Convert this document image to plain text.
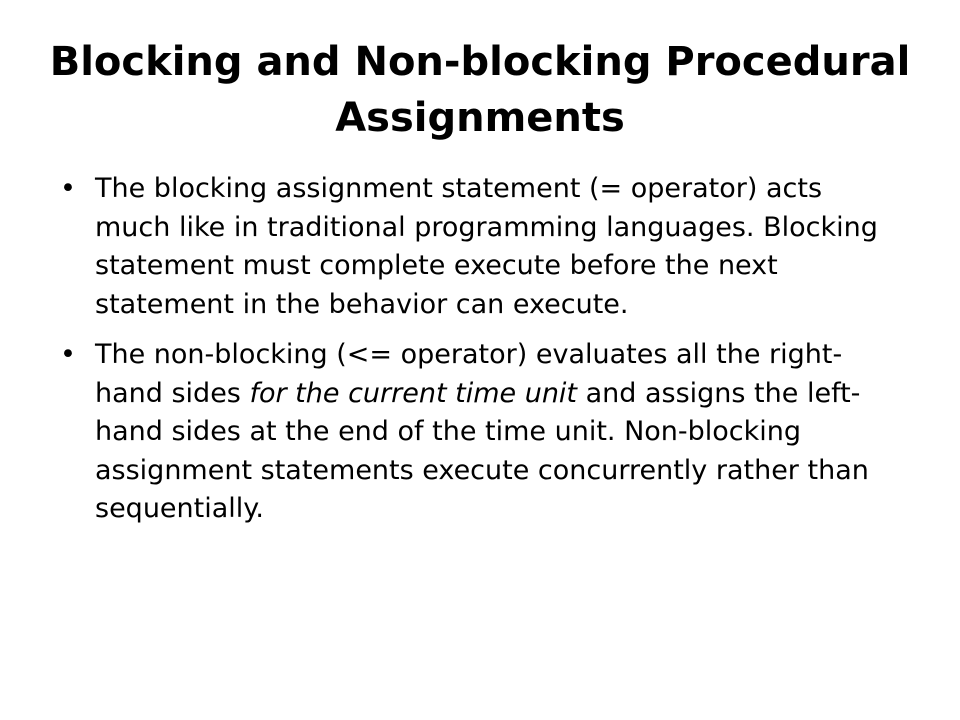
Blocking and Non-blocking Procedural Assignments
• The blocking assignment statement (= operator) acts much like in traditional programming languages. Blocking statement must complete execute before the next statement in the behavior can execute.
• The non-blocking (<= operator) evaluates all the right-hand sides for the current time unit and assigns the left-hand sides at the end of the time unit. Non-blocking assignment statements execute concurrently rather than sequentially.
